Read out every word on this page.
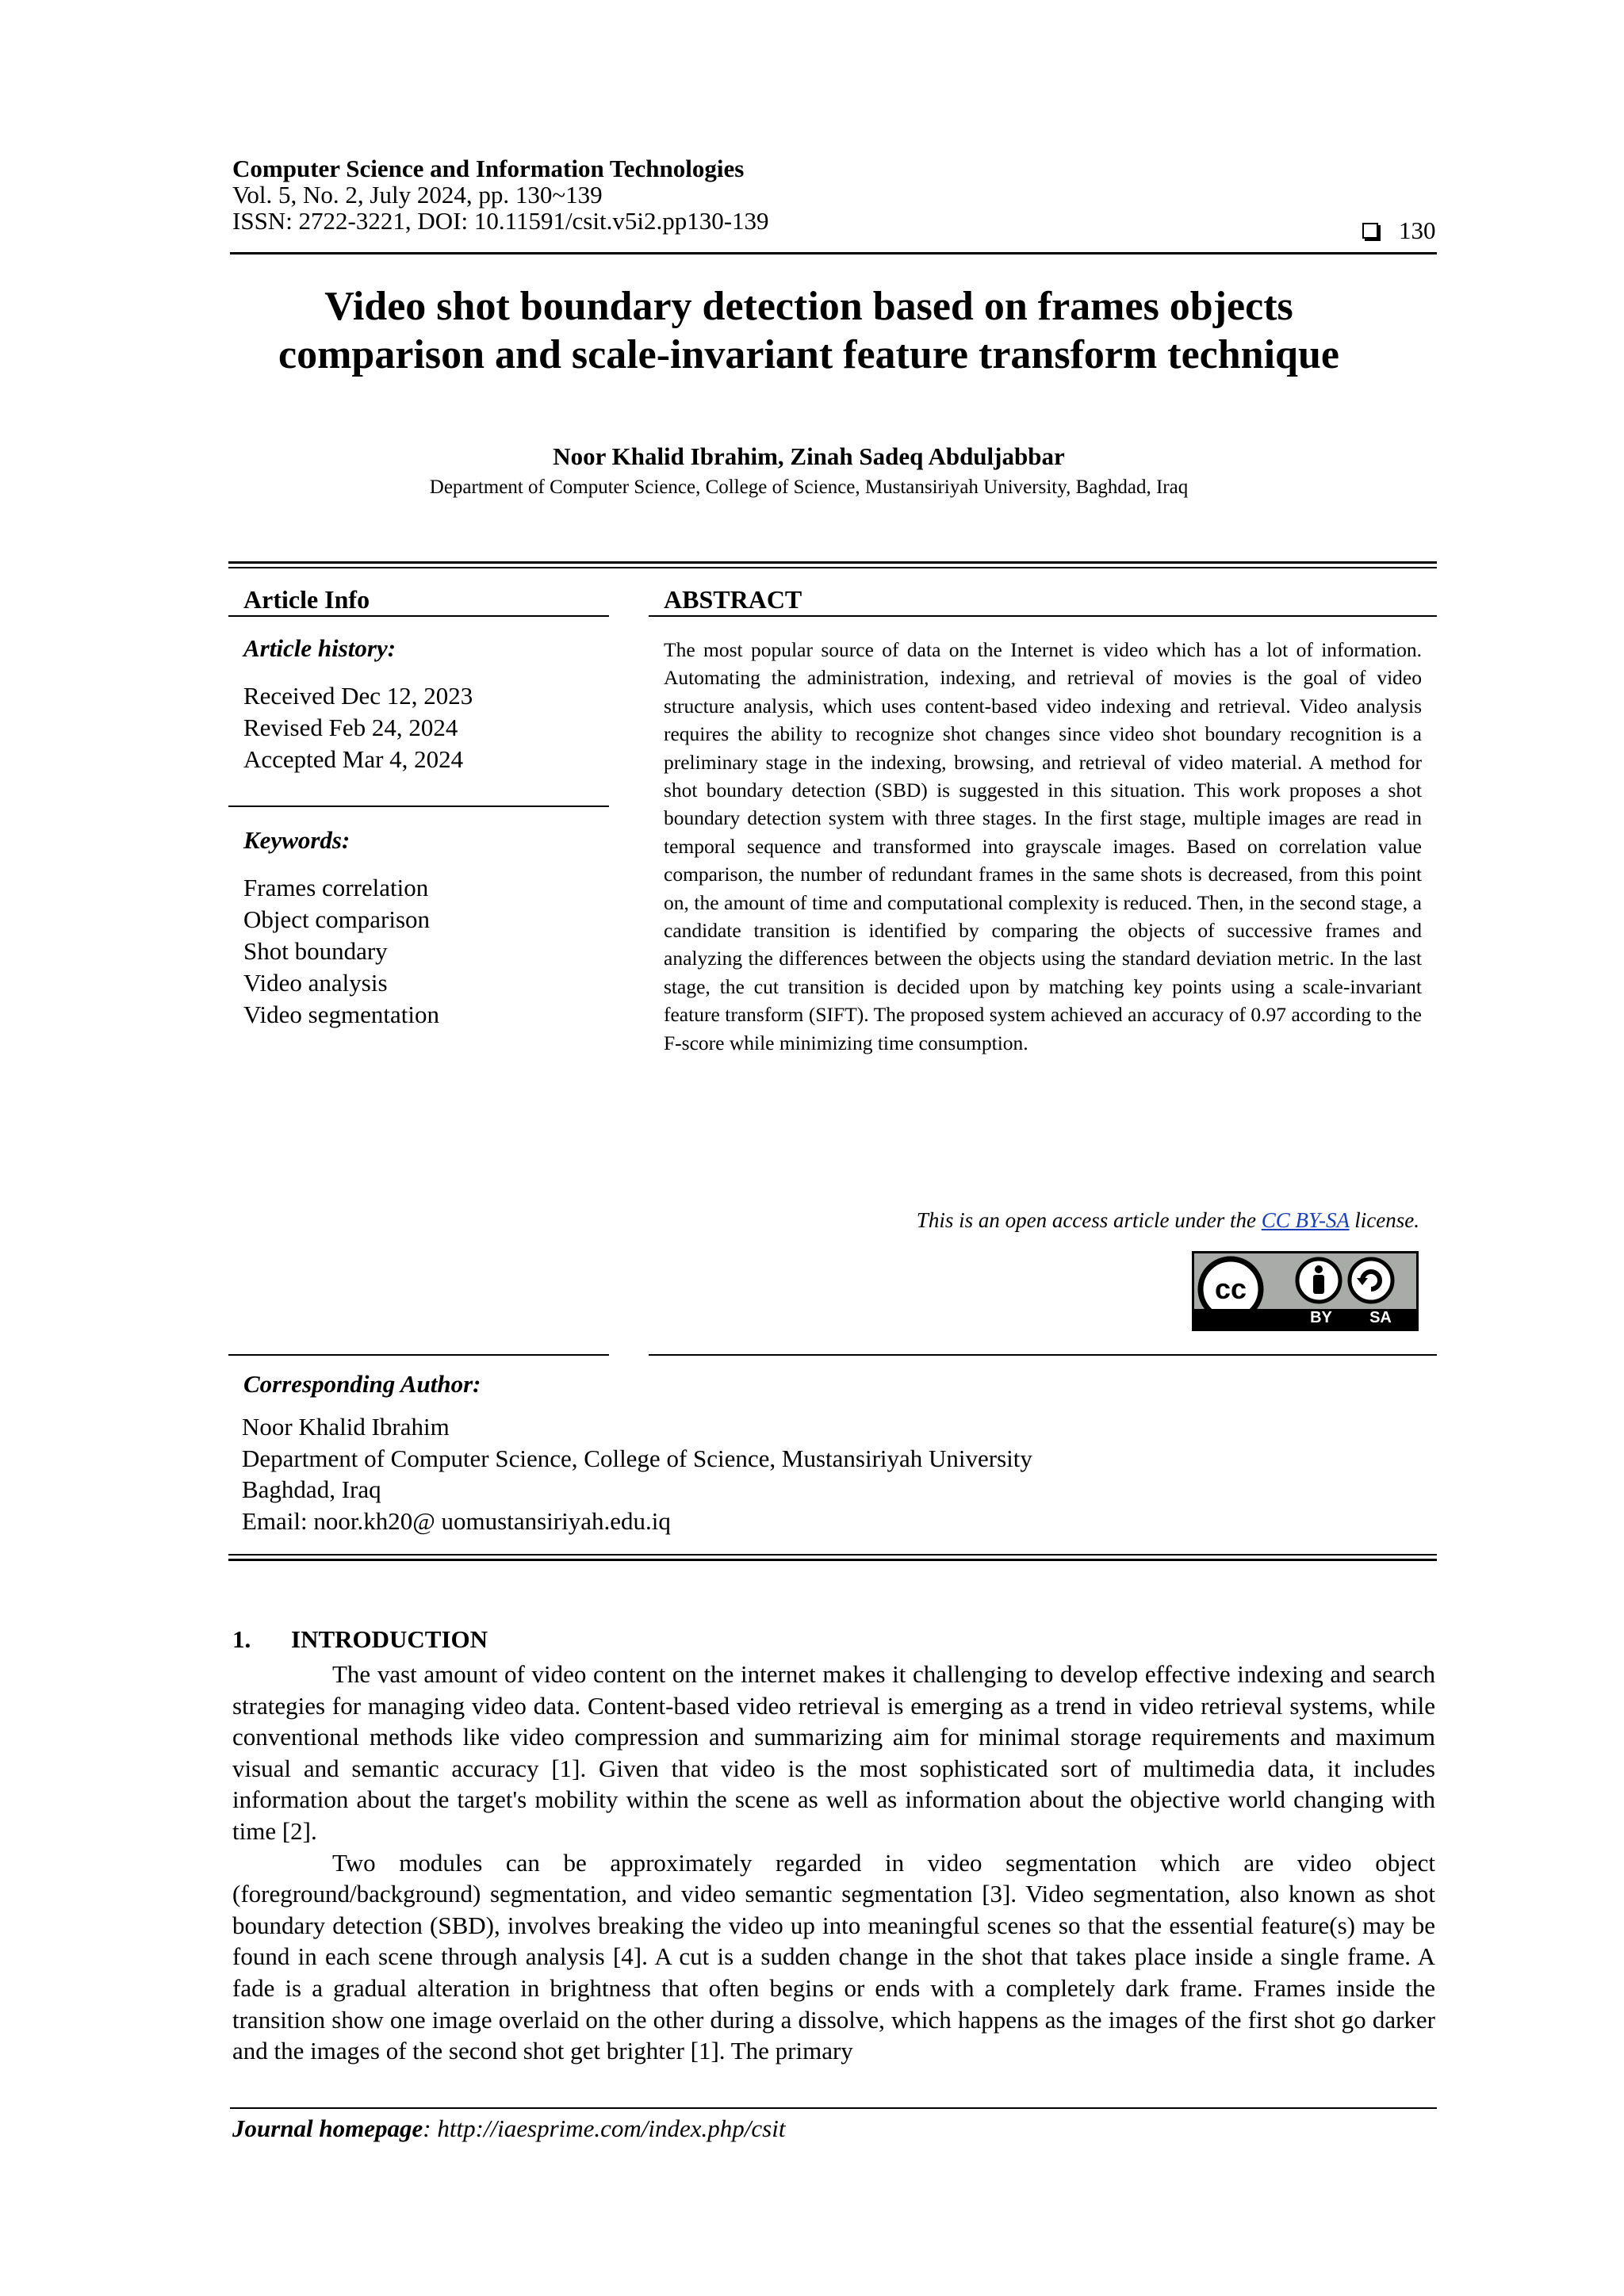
Computer Science and Information Technologies
Vol. 5, No. 2, July 2024, pp. 130~139
ISSN: 2722-3221, DOI: 10.11591/csit.v5i2.pp130-139	130
Video shot boundary detection based on frames objects
comparison and scale-invariant feature transform technique
Noor Khalid Ibrahim, Zinah Sadeq Abduljabbar
Department of Computer Science, College of Science, Mustansiriyah University, Baghdad, Iraq
Article Info
Article history:
Received Dec 12, 2023
Revised Feb 24, 2024
Accepted Mar 4, 2024
Keywords:
Frames correlation
Object comparison
Shot boundary
Video analysis
Video segmentation
ABSTRACT
The most popular source of data on the Internet is video which has a lot of information. Automating the administration, indexing, and retrieval of movies is the goal of video structure analysis, which uses content-based video indexing and retrieval. Video analysis requires the ability to recognize shot changes since video shot boundary recognition is a preliminary stage in the indexing, browsing, and retrieval of video material. A method for shot boundary detection (SBD) is suggested in this situation. This work proposes a shot boundary detection system with three stages. In the first stage, multiple images are read in temporal sequence and transformed into grayscale images. Based on correlation value comparison, the number of redundant frames in the same shots is decreased, from this point on, the amount of time and computational complexity is reduced. Then, in the second stage, a candidate transition is identified by comparing the objects of successive frames and analyzing the differences between the objects using the standard deviation metric. In the last stage, the cut transition is decided upon by matching key points using a scale-invariant feature transform (SIFT). The proposed system achieved an accuracy of 0.97 according to the F-score while minimizing time consumption.
This is an open access article under the CC BY-SA license.
cc
BY	SA
Corresponding Author:
Noor Khalid Ibrahim
Department of Computer Science, College of Science, Mustansiriyah University
Baghdad, Iraq
Email: noor.kh20@ uomustansiriyah.edu.iq
1. INTRODUCTION

The vast amount of video content on the internet makes it challenging to develop effective indexing and search strategies for managing video data. Content-based video retrieval is emerging as a trend in video retrieval systems, while conventional methods like video compression and summarizing aim for minimal storage requirements and maximum visual and semantic accuracy [1]. Given that video is the most sophisticated sort of multimedia data, it includes information about the target's mobility within the scene as well as information about the objective world changing with time [2].

Two modules can be approximately regarded in video segmentation which are video object (foreground/background) segmentation, and video semantic segmentation [3]. Video segmentation, also known as shot boundary detection (SBD), involves breaking the video up into meaningful scenes so that the essential feature(s) may be found in each scene through analysis [4]. A cut is a sudden change in the shot that takes place inside a single frame. A fade is a gradual alteration in brightness that often begins or ends with a completely dark frame. Frames inside the transition show one image overlaid on the other during a dissolve, which happens as the images of the first shot go darker and the images of the second shot get brighter [1]. The primary

Journal homepage: http://iaesprime.com/index.php/csit
